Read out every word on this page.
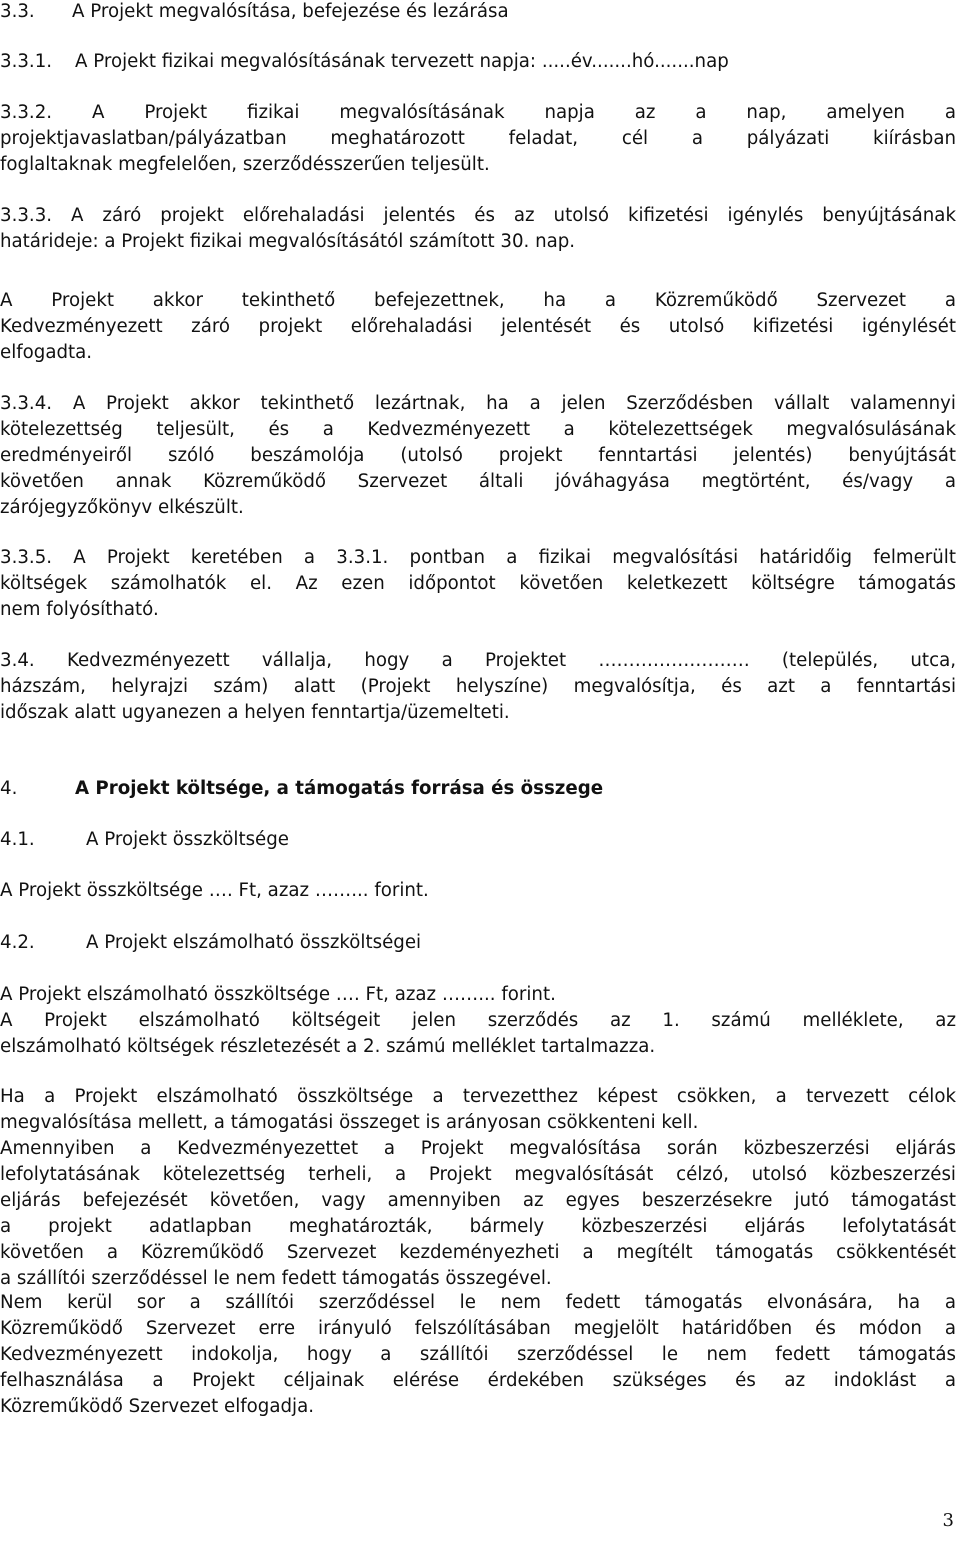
3.3. A Projekt megvalósítása, befejezése és lezárása
3.3.1. A Projekt fizikai megvalósításának tervezett napja: .....év.......hó.......nap
3.3.2. A Projekt fizikai megvalósításának napja az a nap, amelyen a
projektjavaslatban/pályázatban meghatározott feladat, cél a pályázati kiírásban
foglaltaknak megfelelően, szerződésszerűen teljesült.
3.3.3. A záró projekt előrehaladási jelentés és az utolsó kifizetési igénylés benyújtásának
határideje: a Projekt fizikai megvalósításától számított 30. nap.
A Projekt akkor tekinthető befejezettnek, ha a Közreműködő Szervezet a
Kedvezményezett záró projekt előrehaladási jelentését és utolsó kifizetési igénylését
elfogadta.
3.3.4. A Projekt akkor tekinthető lezártnak, ha a jelen Szerződésben vállalt valamennyi
kötelezettség teljesült, és a Kedvezményezett a kötelezettségek megvalósulásának
eredményeiről szóló beszámolója (utolsó projekt fenntartási jelentés) benyújtását
követően annak Közreműködő Szervezet általi jóváhagyása megtörtént, és/vagy a
zárójegyzőkönyv elkészült.
3.3.5. A Projekt keretében a 3.3.1. pontban a fizikai megvalósítási határidőig felmerült
költségek számolhatók el. Az ezen időpontot követően keletkezett költségre támogatás
nem folyósítható.
3.4. Kedvezményezett vállalja, hogy a Projektet ……………………. (település, utca,
házszám, helyrajzi szám) alatt (Projekt helyszíne) megvalósítja, és azt a fenntartási
időszak alatt ugyanezen a helyen fenntartja/üzemelteti.
4.	A Projekt költsége, a támogatás forrása és összege
4.1.	A Projekt összköltsége
A Projekt összköltsége …. Ft, azaz ……... forint.
4.2.	A Projekt elszámolható összköltségei
A Projekt elszámolható összköltsége …. Ft, azaz ……... forint.
A Projekt elszámolható költségeit jelen szerződés az 1. számú melléklete, az
elszámolható költségek részletezését a 2. számú melléklet tartalmazza.
Ha a Projekt elszámolható összköltsége a tervezetthez képest csökken, a tervezett célok
megvalósítása mellett, a támogatási összeget is arányosan csökkenteni kell.
Amennyiben a Kedvezményezettet a Projekt megvalósítása során közbeszerzési eljárás
lefolytatásának kötelezettség terheli, a Projekt megvalósítását célzó, utolsó közbeszerzési
eljárás befejezését követően, vagy amennyiben az egyes beszerzésekre jutó támogatást
a projekt adatlapban meghatározták, bármely közbeszerzési eljárás lefolytatását
követően a Közreműködő Szervezet kezdeményezheti a megítélt támogatás csökkentését
a szállítói szerződéssel le nem fedett támogatás összegével.
Nem kerül sor a szállítói szerződéssel le nem fedett támogatás elvonására, ha a
Közreműködő Szervezet erre irányuló felszólításában megjelölt határidőben és módon a
Kedvezményezett indokolja, hogy a szállítói szerződéssel le nem fedett támogatás
felhasználása a Projekt céljainak elérése érdekében szükséges és az indoklást a
Közreműködő Szervezet elfogadja.
3
